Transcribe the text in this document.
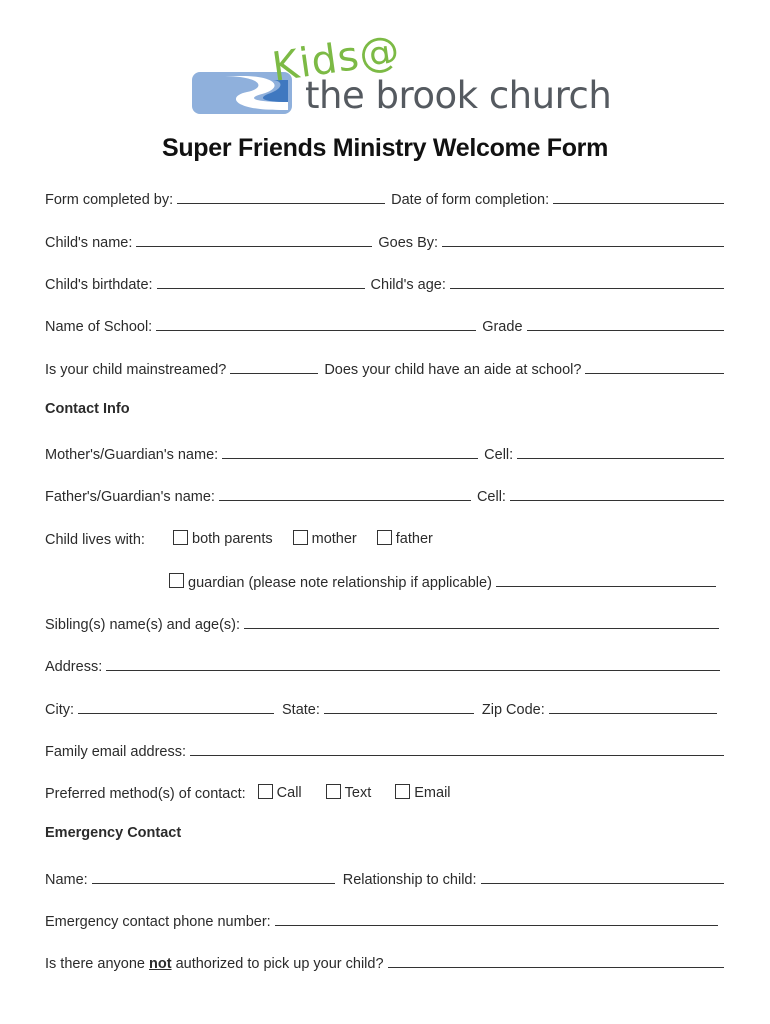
Kids@
the brook church
Super Friends Ministry Welcome Form
Form completed by:	Date of form completion:
Child's name:	Goes By:
Child's birthdate:	Child's age:
Name of School:	Grade
Is your child mainstreamed?	Does your child have an aide at school?
Contact Info
Mother's/Guardian's name:	Cell:
Father's/Guardian's name:	Cell:
Child lives with:	both parents	mother	father
guardian (please note relationship if applicable)
Sibling(s) name(s) and age(s):
Address:
City:	State:	Zip Code:
Family email address:
Preferred method(s) of contact: Call	Text	Email
Emergency Contact
Name:	Relationship to child:
Emergency contact phone number:
Is there anyone not authorized to pick up your child?
